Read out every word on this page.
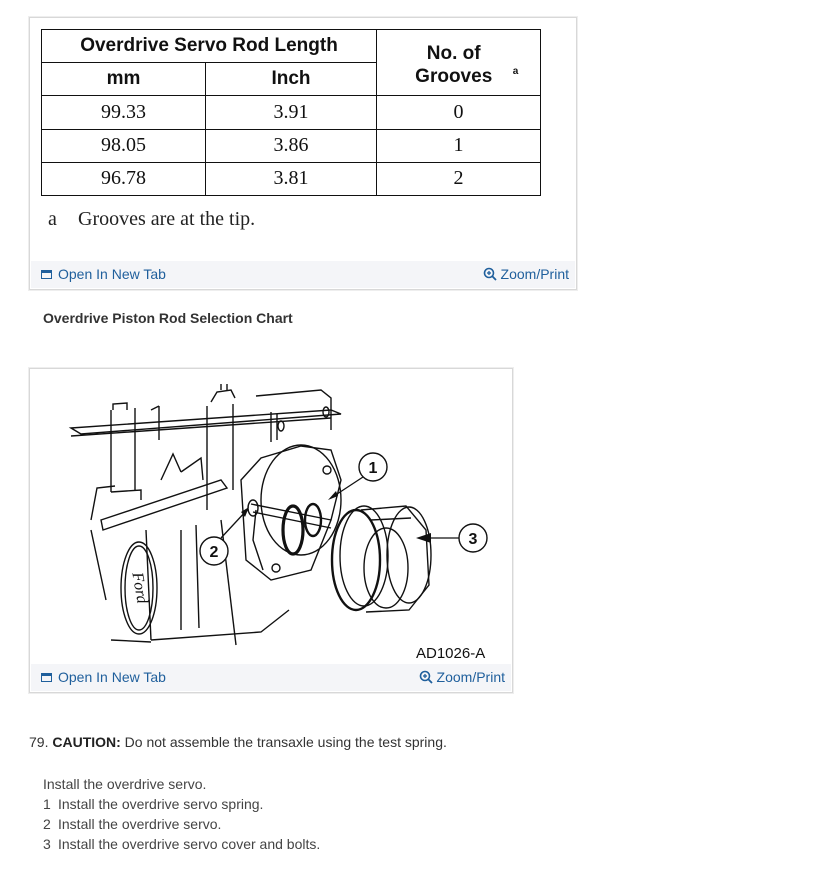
Overdrive Servo Rod Length		No. of Grooves $^a$

mm	Inch	
99.33	3.91	0
98.05	3.86	1
96.78	3.81	2
a Grooves are at the tip.
Open In New Tab	Zoom/Print
Overdrive Piston Rod Selection Chart
1
2
3
Ford
AD1026-A
Open In New Tab	Zoom/Print
79. CAUTION: Do not assemble the transaxle using the test spring.
Install the overdrive servo.
1 Install the overdrive servo spring.
2 Install the overdrive servo.
3 Install the overdrive servo cover and bolts.
